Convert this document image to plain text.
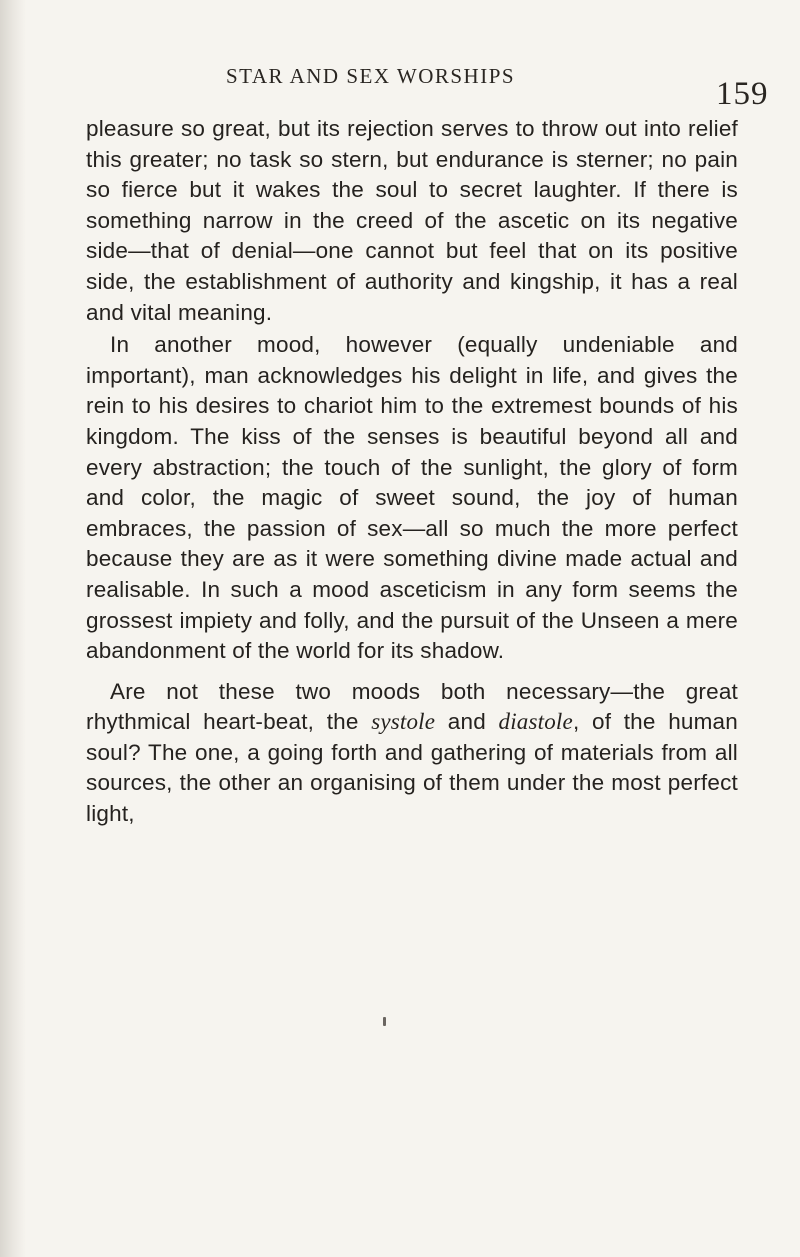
STAR AND SEX WORSHIPS	159

pleasure so great, but its rejection serves to throw out into relief this greater; no task so stern, but endurance is sterner; no pain so fierce but it wakes the soul to secret laughter. If there is something narrow in the creed of the ascetic on its negative side—that of denial—one cannot but feel that on its positive side, the establishment of authority and kingship, it has a real and vital meaning.

In another mood, however (equally undeniable and important), man acknowledges his delight in life, and gives the rein to his desires to chariot him to the extremest bounds of his kingdom. The kiss of the senses is beautiful beyond all and every abstraction; the touch of the sunlight, the glory of form and color, the magic of sweet sound, the joy of human embraces, the passion of sex—all so much the more perfect because they are as it were something divine made actual and realisable. In such a mood asceticism in any form seems the grossest impiety and folly, and the pursuit of the Unseen a mere abandonment of the world for its shadow.

Are not these two moods both necessary—the great rhythmical heart-beat, the systole and diastole, of the human soul? The one, a going forth and gathering of materials from all sources, the other an organising of them under the most perfect light,
